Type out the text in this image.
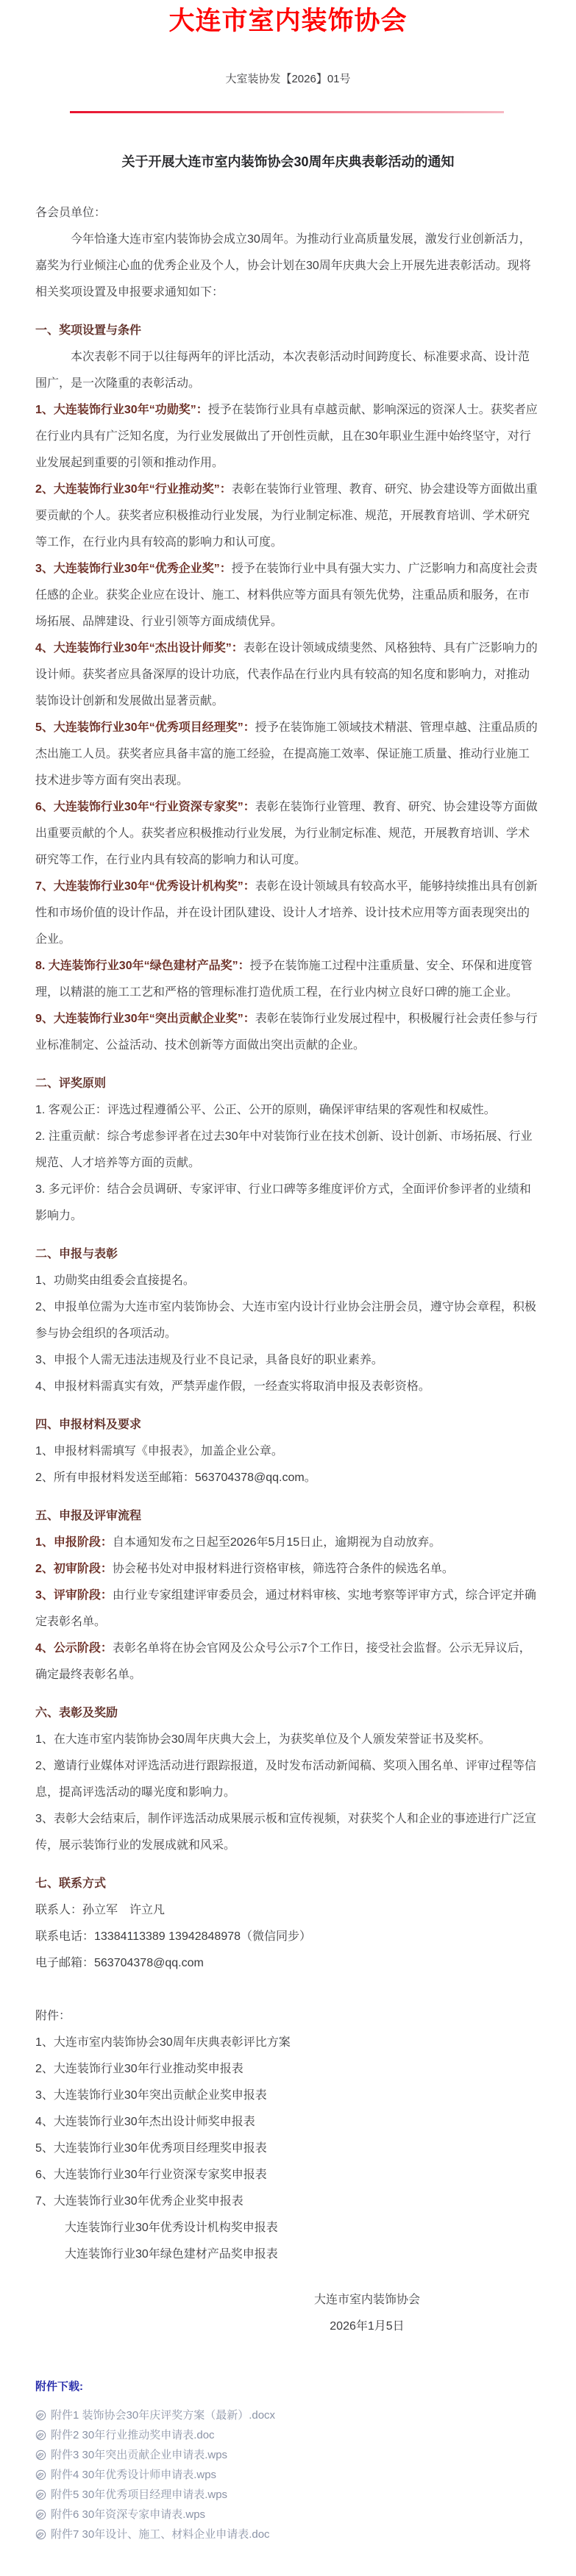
大连市室内装饰协会
大室装协发【2026】01号
关于开展大连市室内装饰协会30周年庆典表彰活动的通知

各会员单位：

今年恰逢大连市室内装饰协会成立30周年。为推动行业高质量发展，激发行业创新活力，嘉奖为行业倾注心血的优秀企业及个人，协会计划在30周年庆典大会上开展先进表彰活动。现将相关奖项设置及申报要求通知如下：

一、奖项设置与条件

本次表彰不同于以往每两年的评比活动，本次表彰活动时间跨度长、标准要求高、设计范围广，是一次隆重的表彰活动。

1、大连装饰行业30年“功勋奖”：授予在装饰行业具有卓越贡献、影响深远的资深人士。获奖者应在行业内具有广泛知名度，为行业发展做出了开创性贡献，且在30年职业生涯中始终坚守，对行业发展起到重要的引领和推动作用。

2、大连装饰行业30年“行业推动奖”：表彰在装饰行业管理、教育、研究、协会建设等方面做出重要贡献的个人。获奖者应积极推动行业发展，为行业制定标准、规范，开展教育培训、学术研究等工作，在行业内具有较高的影响力和认可度。

3、大连装饰行业30年“优秀企业奖”：授予在装饰行业中具有强大实力、广泛影响力和高度社会责任感的企业。获奖企业应在设计、施工、材料供应等方面具有领先优势，注重品质和服务，在市场拓展、品牌建设、行业引领等方面成绩优异。

4、大连装饰行业30年“杰出设计师奖”：表彰在设计领域成绩斐然、风格独特、具有广泛影响力的设计师。获奖者应具备深厚的设计功底，代表作品在行业内具有较高的知名度和影响力，对推动装饰设计创新和发展做出显著贡献。

5、大连装饰行业30年“优秀项目经理奖”：授予在装饰施工领域技术精湛、管理卓越、注重品质的杰出施工人员。获奖者应具备丰富的施工经验，在提高施工效率、保证施工质量、推动行业施工技术进步等方面有突出表现。

6、大连装饰行业30年“行业资深专家奖”：表彰在装饰行业管理、教育、研究、协会建设等方面做出重要贡献的个人。获奖者应积极推动行业发展，为行业制定标准、规范，开展教育培训、学术研究等工作，在行业内具有较高的影响力和认可度。

7、大连装饰行业30年“优秀设计机构奖”：表彰在设计领域具有较高水平，能够持续推出具有创新性和市场价值的设计作品，并在设计团队建设、设计人才培养、设计技术应用等方面表现突出的企业。

8. 大连装饰行业30年“绿色建材产品奖”：授予在装饰施工过程中注重质量、安全、环保和进度管理，以精湛的施工工艺和严格的管理标准打造优质工程，在行业内树立良好口碑的施工企业。

9、大连装饰行业30年“突出贡献企业奖”：表彰在装饰行业发展过程中，积极履行社会责任参与行业标准制定、公益活动、技术创新等方面做出突出贡献的企业。

二、评奖原则

1. 客观公正：评选过程遵循公平、公正、公开的原则，确保评审结果的客观性和权威性。

2. 注重贡献：综合考虑参评者在过去30年中对装饰行业在技术创新、设计创新、市场拓展、行业规范、人才培养等方面的贡献。

3. 多元评价：结合会员调研、专家评审、行业口碑等多维度评价方式，全面评价参评者的业绩和影响力。

二、申报与表彰

1、功勋奖由组委会直接提名。

2、申报单位需为大连市室内装饰协会、大连市室内设计行业协会注册会员，遵守协会章程，积极参与协会组织的各项活动。

3、申报个人需无违法违规及行业不良记录，具备良好的职业素养。

4、申报材料需真实有效，严禁弄虚作假，一经查实将取消申报及表彰资格。

四、申报材料及要求

1、申报材料需填写《申报表》，加盖企业公章。

2、所有申报材料发送至邮箱：563704378@qq.com。

五、申报及评审流程

1、申报阶段：自本通知发布之日起至2026年5月15日止，逾期视为自动放弃。

2、初审阶段：协会秘书处对申报材料进行资格审核，筛选符合条件的候选名单。

3、评审阶段：由行业专家组建评审委员会，通过材料审核、实地考察等评审方式，综合评定并确定表彰名单。

4、公示阶段：表彰名单将在协会官网及公众号公示7个工作日，接受社会监督。公示无异议后，确定最终表彰名单。

六、表彰及奖励

1、在大连市室内装饰协会30周年庆典大会上，为获奖单位及个人颁发荣誉证书及奖杯。

2、邀请行业媒体对评选活动进行跟踪报道，及时发布活动新闻稿、奖项入围名单、评审过程等信息，提高评选活动的曝光度和影响力。

3、表彰大会结束后，制作评选活动成果展示板和宣传视频，对获奖个人和企业的事迹进行广泛宣传，展示装饰行业的发展成就和风采。

七、联系方式

联系人：孙立军　许立凡

联系电话：13384113389 13942848978（微信同步）

电子邮箱：563704378@qq.com

附件：

1、大连市室内装饰协会30周年庆典表彰评比方案

2、大连装饰行业30年行业推动奖申报表

3、大连装饰行业30年突出贡献企业奖申报表

4、大连装饰行业30年杰出设计师奖申报表

5、大连装饰行业30年优秀项目经理奖申报表

6、大连装饰行业30年行业资深专家奖申报表

7、大连装饰行业30年优秀企业奖申报表

大连装饰行业30年优秀设计机构奖申报表

大连装饰行业30年绿色建材产品奖申报表

大连市室内装饰协会
2026年1月5日
附件下载:
附件1 装饰协会30年庆评奖方案（最新）.docx
附件2 30年行业推动奖申请表.doc
附件3 30年突出贡献企业申请表.wps
附件4 30年优秀设计师申请表.wps
附件5 30年优秀项目经理申请表.wps
附件6 30年资深专家申请表.wps
附件7 30年设计、施工、材料企业申请表.doc
